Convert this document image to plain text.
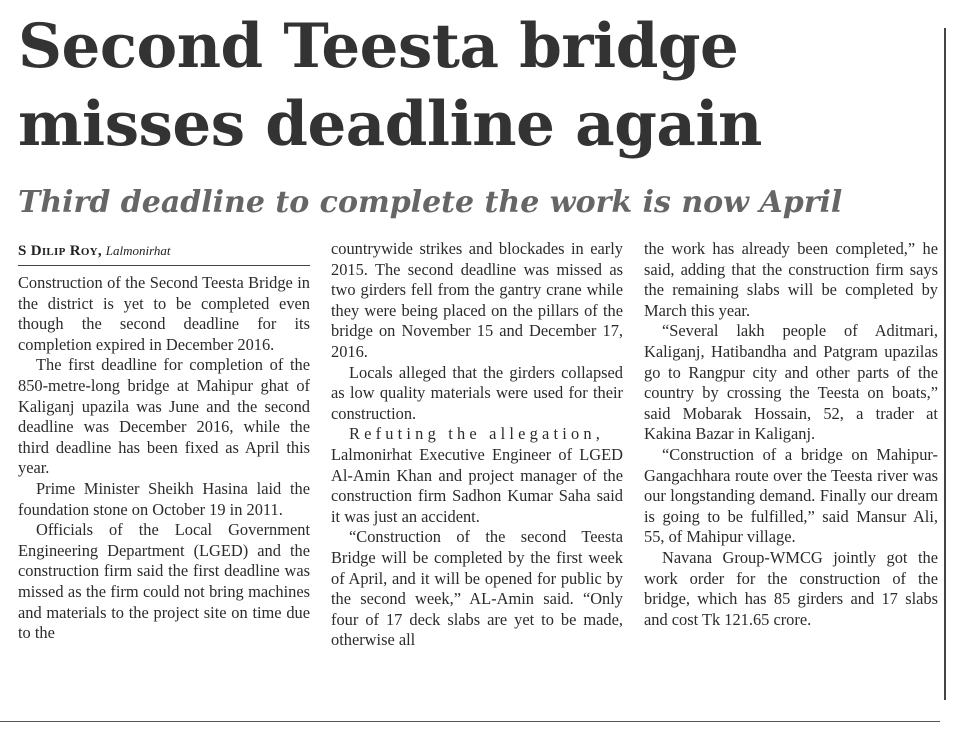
Second Teesta bridge misses deadline again
Third deadline to complete the work is now April
S Dilip Roy, Lalmonirhat

Construction of the Second Teesta Bridge in the district is yet to be completed even though the second deadline for its completion expired in December 2016.

The first deadline for completion of the 850-metre-long bridge at Mahipur ghat of Kaliganj upazila was June and the second deadline was December 2016, while the third deadline has been fixed as April this year.

Prime Minister Sheikh Hasina laid the foundation stone on October 19 in 2011.

Officials of the Local Government Engineering Department (LGED) and the construction firm said the first deadline was missed as the firm could not bring machines and materials to the project site on time due to the

countrywide strikes and blockades in early 2015. The second deadline was missed as two girders fell from the gantry crane while they were being placed on the pillars of the bridge on November 15 and December 17, 2016.

Locals alleged that the girders collapsed as low quality materials were used for their construction.

Refuting the allegation,

Lalmonirhat Executive Engineer of LGED Al-Amin Khan and project manager of the construction firm Sadhon Kumar Saha said it was just an accident.

“Construction of the second Teesta Bridge will be completed by the first week of April, and it will be opened for public by the second week,” AL-Amin said. “Only four of 17 deck slabs are yet to be made, otherwise all

the work has already been completed,” he said, adding that the construction firm says the remaining slabs will be completed by March this year.

“Several lakh people of Aditmari, Kaliganj, Hatibandha and Patgram upazilas go to Rangpur city and other parts of the country by crossing the Teesta on boats,” said Mobarak Hossain, 52, a trader at Kakina Bazar in Kaliganj.

“Construction of a bridge on Mahipur-Gangachhara route over the Teesta river was our longstanding demand. Finally our dream is going to be fulfilled,” said Mansur Ali, 55, of Mahipur village.

Navana Group-WMCG jointly got the work order for the construction of the bridge, which has 85 girders and 17 slabs and cost Tk 121.65 crore.
